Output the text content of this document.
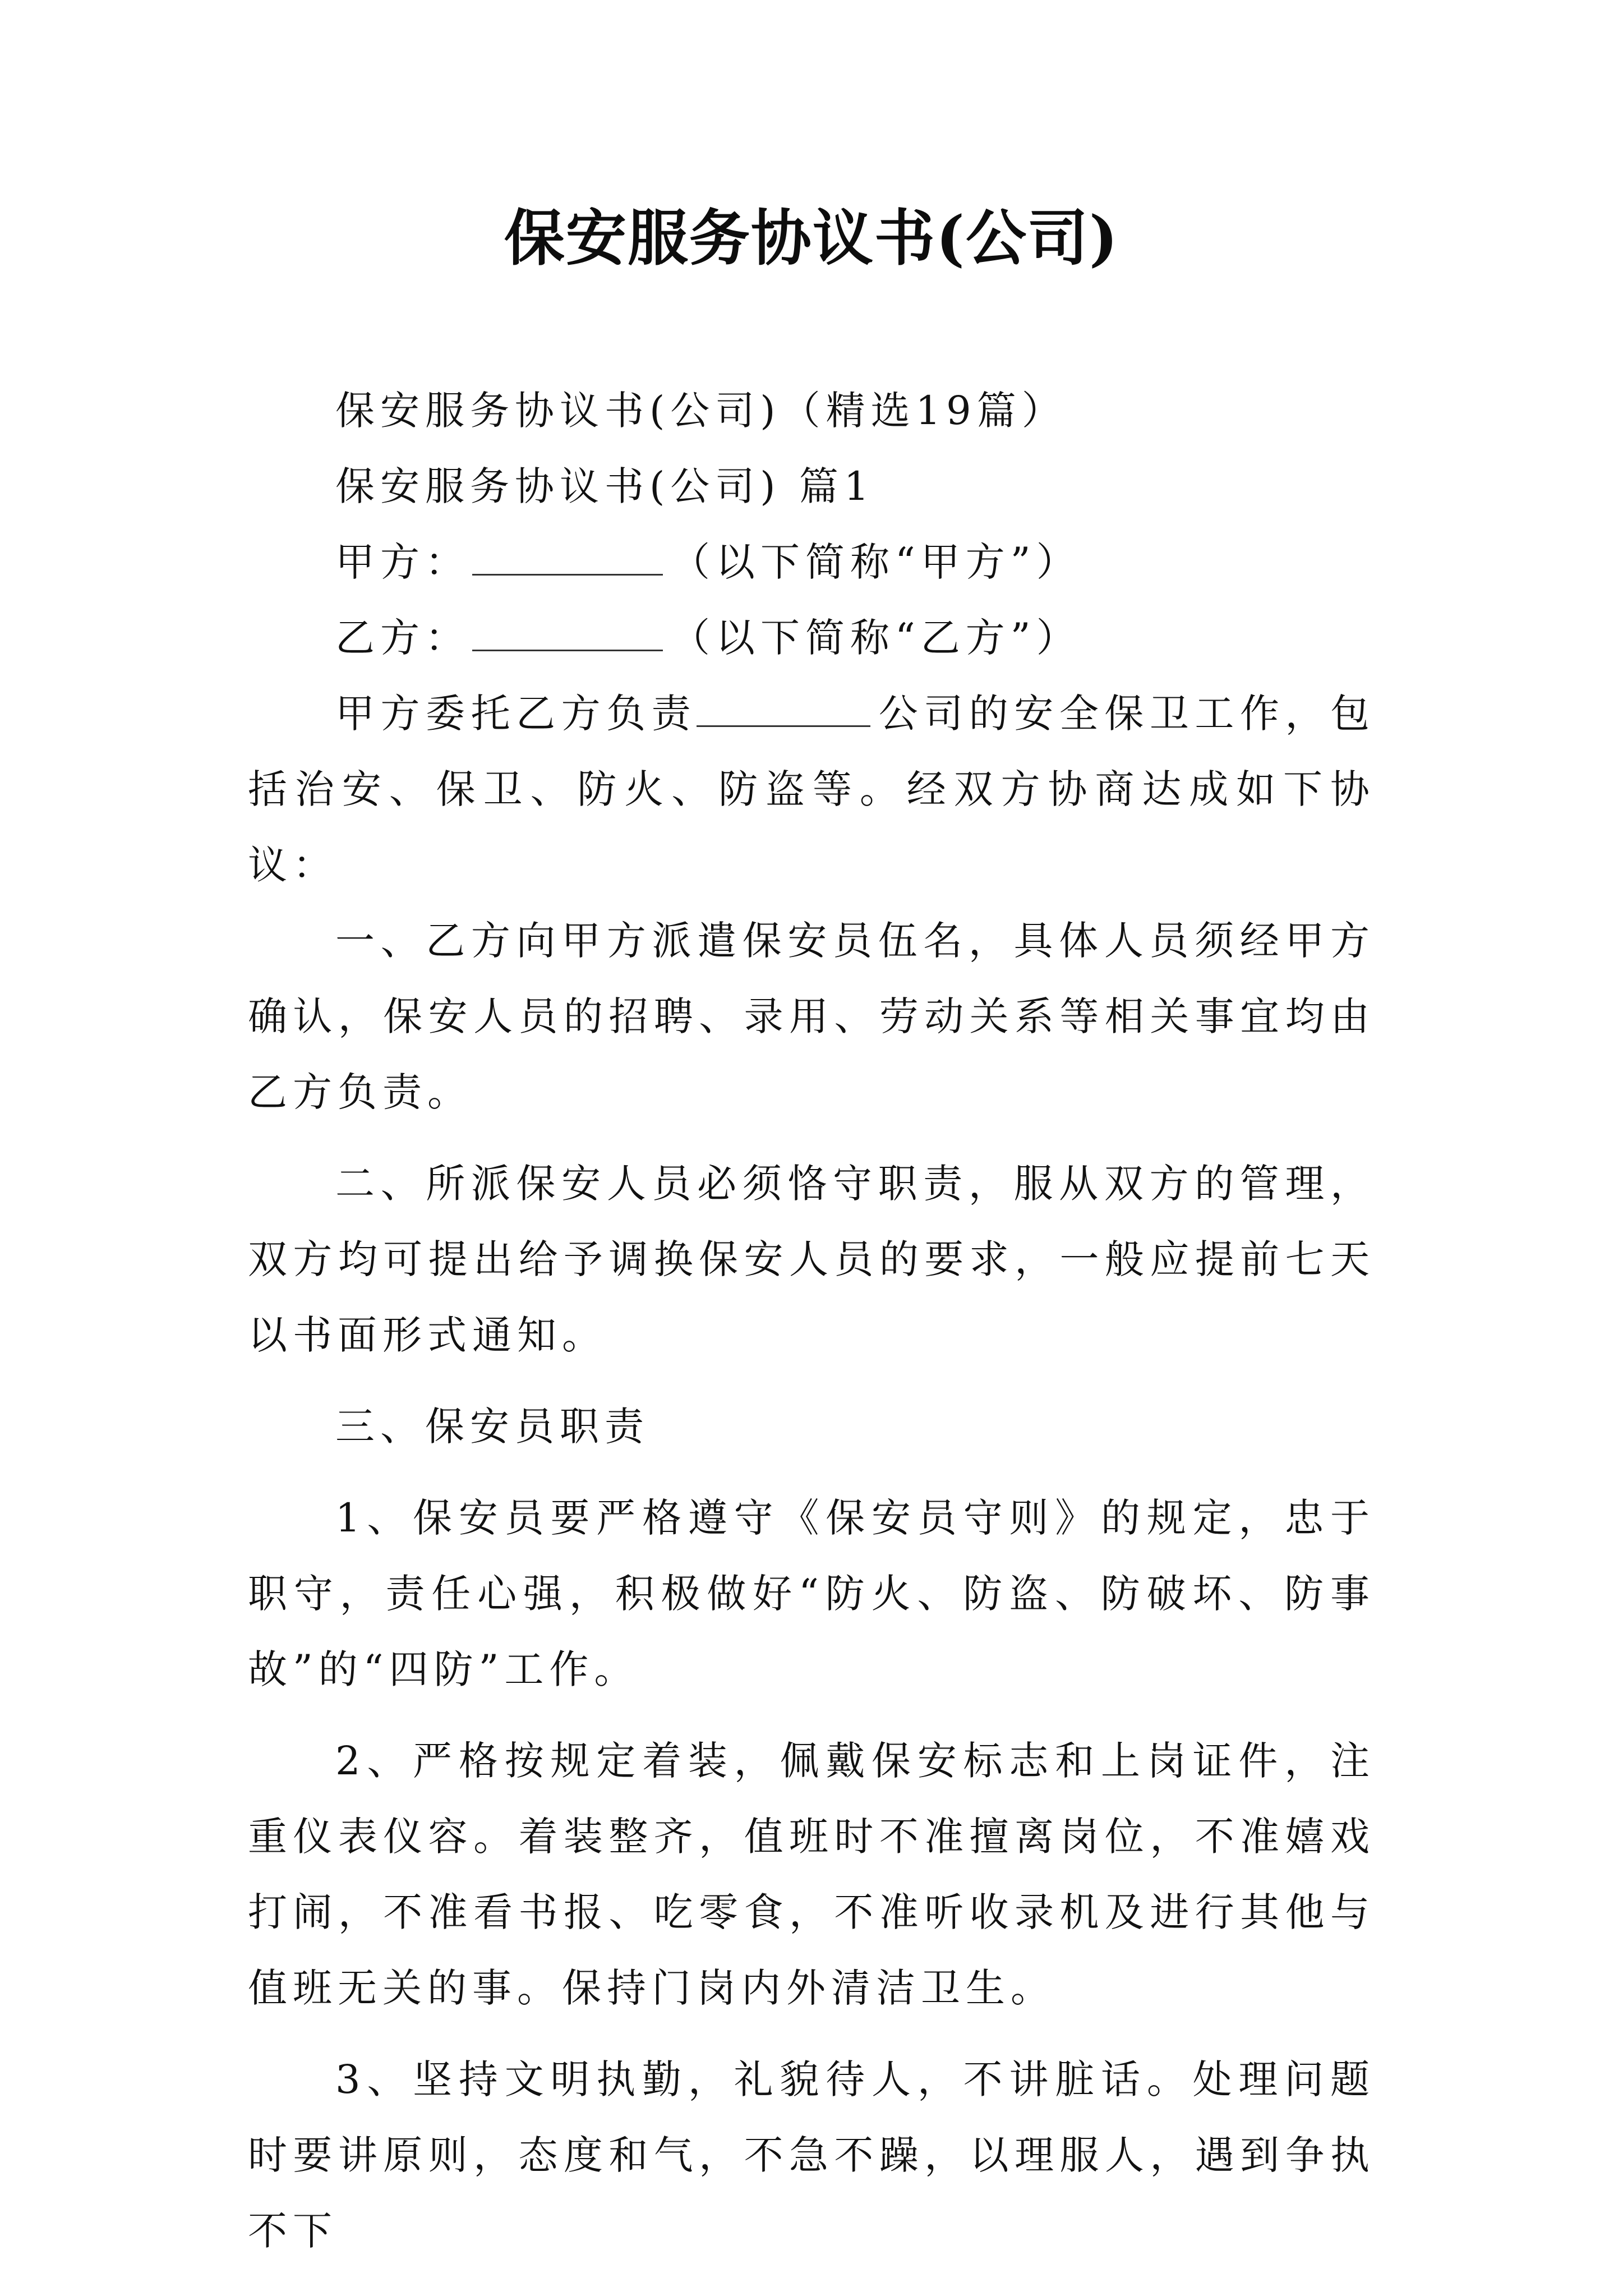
保安服务协议书(公司)

保安服务协议书(公司)（精选19篇）

保安服务协议书(公司) 篇1

甲方：	（以下简称“甲方”）

乙方：	（以下简称“乙方”）

甲方委托乙方负责	公司的安全保卫工作，包括治安、保卫、防火、防盗等。经双方协商达成如下协议：

一、乙方向甲方派遣保安员伍名，具体人员须经甲方确认，保安人员的招聘、录用、劳动关系等相关事宜均由乙方负责。

二、所派保安人员必须恪守职责，服从双方的管理，双方均可提出给予调换保安人员的要求，一般应提前七天以书面形式通知。

三、保安员职责

1、保安员要严格遵守《保安员守则》的规定，忠于职守，责任心强，积极做好“防火、防盗、防破坏、防事故”的“四防”工作。

2、严格按规定着装，佩戴保安标志和上岗证件，注重仪表仪容。着装整齐，值班时不准擅离岗位，不准嬉戏打闹，不准看书报、吃零食，不准听收录机及进行其他与值班无关的事。保持门岗内外清洁卫生。

3、坚持文明执勤，礼貌待人，不讲脏话。处理问题时要讲原则，态度和气，不急不躁，以理服人，遇到争执不下
